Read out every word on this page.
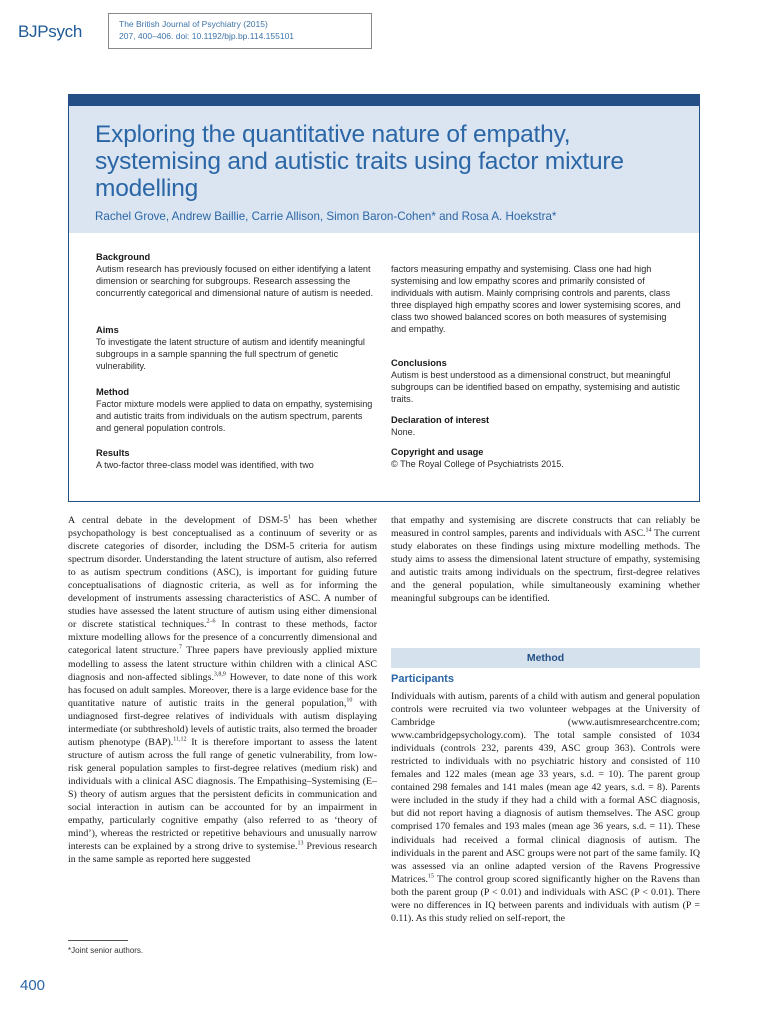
BJPsych	The British Journal of Psychiatry (2015)
207, 400–406. doi: 10.1192/bjp.bp.114.155101
Exploring the quantitative nature of empathy, systemising and autistic traits using factor mixture modelling
Rachel Grove, Andrew Baillie, Carrie Allison, Simon Baron-Cohen* and Rosa A. Hoekstra*
Background
Autism research has previously focused on either identifying a latent dimension or searching for subgroups. Research assessing the concurrently categorical and dimensional nature of autism is needed.
Aims
To investigate the latent structure of autism and identify meaningful subgroups in a sample spanning the full spectrum of genetic vulnerability.
Method
Factor mixture models were applied to data on empathy, systemising and autistic traits from individuals on the autism spectrum, parents and general population controls.
Results
A two-factor three-class model was identified, with two
factors measuring empathy and systemising. Class one had high systemising and low empathy scores and primarily consisted of individuals with autism. Mainly comprising controls and parents, class three displayed high empathy scores and lower systemising scores, and class two showed balanced scores on both measures of systemising and empathy.
Conclusions
Autism is best understood as a dimensional construct, but meaningful subgroups can be identified based on empathy, systemising and autistic traits.
Declaration of interest
None.
Copyright and usage
© The Royal College of Psychiatrists 2015.

A central debate in the development of DSM-$5^1$ has been whether psychopathology is best conceptualised as a continuum of severity or as discrete categories of disorder, including the DSM-5 criteria for autism spectrum disorder. Understanding the latent structure of autism, also referred to as autism spectrum conditions (ASC), is important for guiding future conceptualisations of diagnostic criteria, as well as for informing the development of instruments assessing characteristics of ASC. A number of studies have assessed the latent structure of autism using either dimensional or discrete statistical techniques.$^{2-6}$ In contrast to these methods, factor mixture modelling allows for the presence of a concurrently dimensional and categorical latent structure.$^7$ Three papers have previously applied mixture modelling to assess the latent structure within children with a clinical ASC diagnosis and non-affected siblings.$^{3,8,9}$ However, to date none of this work has focused on adult samples. Moreover, there is a large evidence base for the quantitative nature of autistic traits in the general population,$^{10}$ with undiagnosed first-degree relatives of individuals with autism displaying intermediate (or subthreshold) levels of autistic traits, also termed the broader autism phenotype (BAP).$^{11,12}$ It is therefore important to assess the latent structure of autism across the full range of genetic vulnerability, from low-risk general population samples to first-degree relatives (medium risk) and individuals with a clinical ASC diagnosis. The Empathising–Systemising (E–S) theory of autism argues that the persistent deficits in communication and social interaction in autism can be accounted for by an impairment in empathy, particularly cognitive empathy (also referred to as ‘theory of mind’), whereas the restricted or repetitive behaviours and unusually narrow interests can be explained by a strong drive to systemise.$^{13}$ Previous research in the same sample as reported here suggested

that empathy and systemising are discrete constructs that can reliably be measured in control samples, parents and individuals with ASC.$^{14}$ The current study elaborates on these findings using mixture modelling methods. The study aims to assess the dimensional latent structure of empathy, systemising and autistic traits among individuals on the spectrum, first-degree relatives and the general population, while simultaneously examining whether meaningful subgroups can be identified.

Method
Participants

Individuals with autism, parents of a child with autism and general population controls were recruited via two volunteer webpages at the University of Cambridge (www.autismresearchcentre.com; www.cambridgepsychology.com). The total sample consisted of 1034 individuals (controls 232, parents 439, ASC group 363). Controls were restricted to individuals with no psychiatric history and consisted of 110 females and 122 males (mean age 33 years, s.d. = 10). The parent group contained 298 females and 141 males (mean age 42 years, s.d. = 8). Parents were included in the study if they had a child with a formal ASC diagnosis, but did not report having a diagnosis of autism themselves. The ASC group comprised 170 females and 193 males (mean age 36 years, s.d. = 11). These individuals had received a formal clinical diagnosis of autism. The individuals in the parent and ASC groups were not part of the same family. IQ was assessed via an online adapted version of the Ravens Progressive Matrices.$^{15}$ The control group scored significantly higher on the Ravens than both the parent group (P < 0.01) and individuals with ASC (P < 0.01). There were no differences in IQ between parents and individuals with autism (P = 0.11). As this study relied on self-report, the

*Joint senior authors.
400
